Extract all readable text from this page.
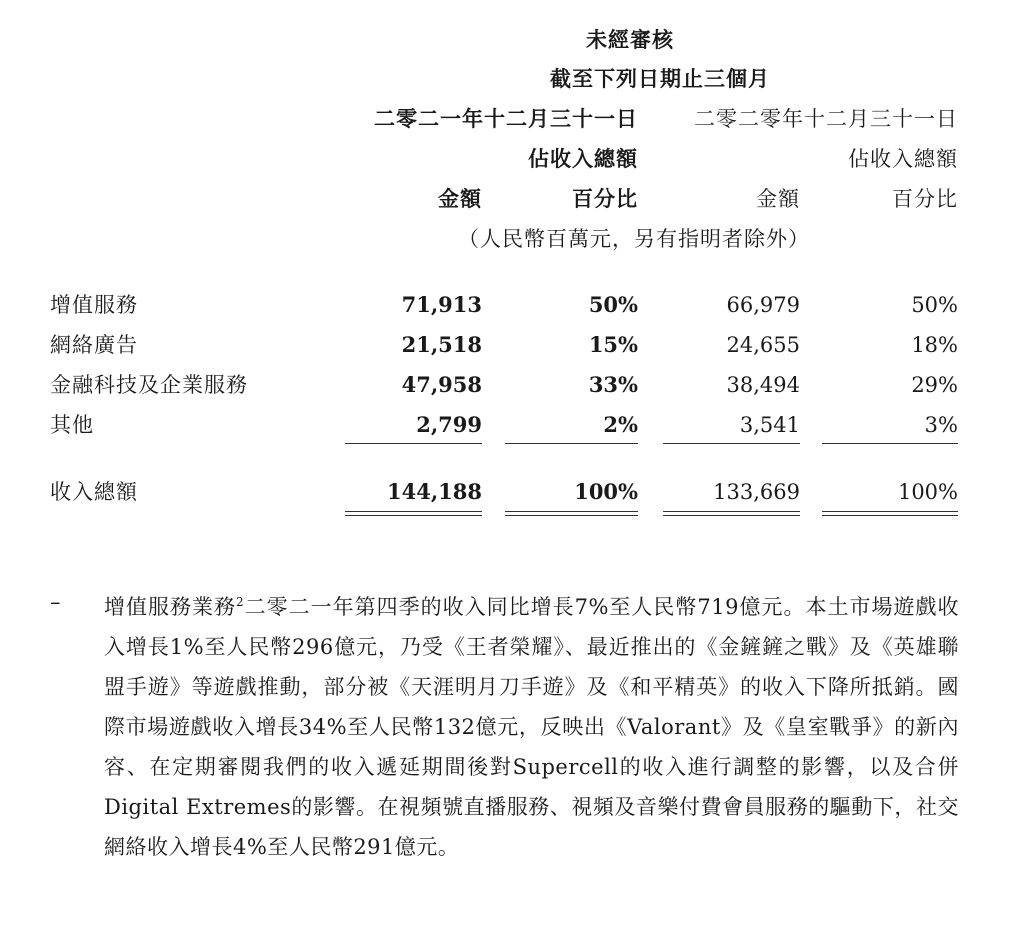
未經審核
截至下列日期止三個月
二零二一年十二月三十一日	二零二零年十二月三十一日
佔收入總額	佔收入總額
金額	百分比	金額	百分比
（人民幣百萬元，另有指明者除外）
增值服務	71,913	50%	66,979	50%
網絡廣告	21,518	15%	24,655	18%
金融科技及企業服務	47,958	33%	38,494	29%
其他	2,799	2%	3,541	3%
收入總額	144,188	100%	133,669	100%
– 增值服務業務$^2$二零二一年第四季的收入同比增長7%至人民幣719億元。本土市場遊戲收入增長1%至人民幣296億元，乃受《王者榮耀》、最近推出的《金鏟鏟之戰》及《英雄聯盟手遊》等遊戲推動，部分被《天涯明月刀手遊》及《和平精英》的收入下降所抵銷。國際市場遊戲收入增長34%至人民幣132億元，反映出《Valorant》及《皇室戰爭》的新內容、在定期審閱我們的收入遞延期間後對Supercell的收入進行調整的影響，以及合併Digital Extremes的影響。在視頻號直播服務、視頻及音樂付費會員服務的驅動下，社交網絡收入增長4%至人民幣291億元。
